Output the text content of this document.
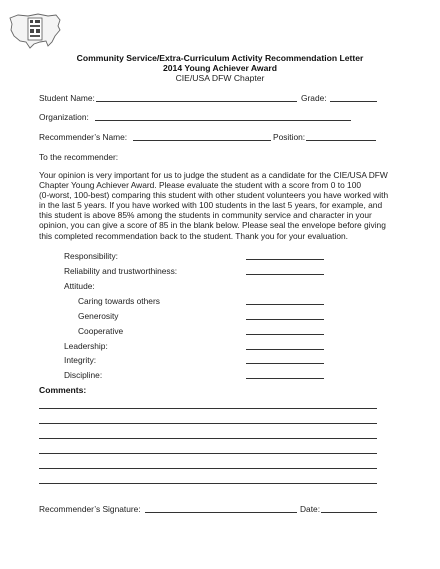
Community Service/Extra-Curriculum Activity Recommendation Letter
2014 Young Achiever Award
CIE/USA DFW Chapter
Student Name:	Grade:
Organization:
Recommender’s Name:	Position:
To the recommender:
Your opinion is very important for us to judge the student as a candidate for the CIE/USA DFW
Chapter Young Achiever Award. Please evaluate the student with a score from 0 to 100
(0-worst, 100-best) comparing this student with other student volunteers you have worked with
in the last 5 years. If you have worked with 100 students in the last 5 years, for example, and
this student is above 85% among the students in community service and character in your
opinion, you can give a score of 85 in the blank below. Please seal the envelope before giving
this completed recommendation back to the student. Thank you for your evaluation.
Responsibility:
Reliability and trustworthiness:
Attitude:
Caring towards others
Generosity
Cooperative
Leadership:
Integrity:
Discipline:
Comments:
Recommender’s Signature:	Date:
